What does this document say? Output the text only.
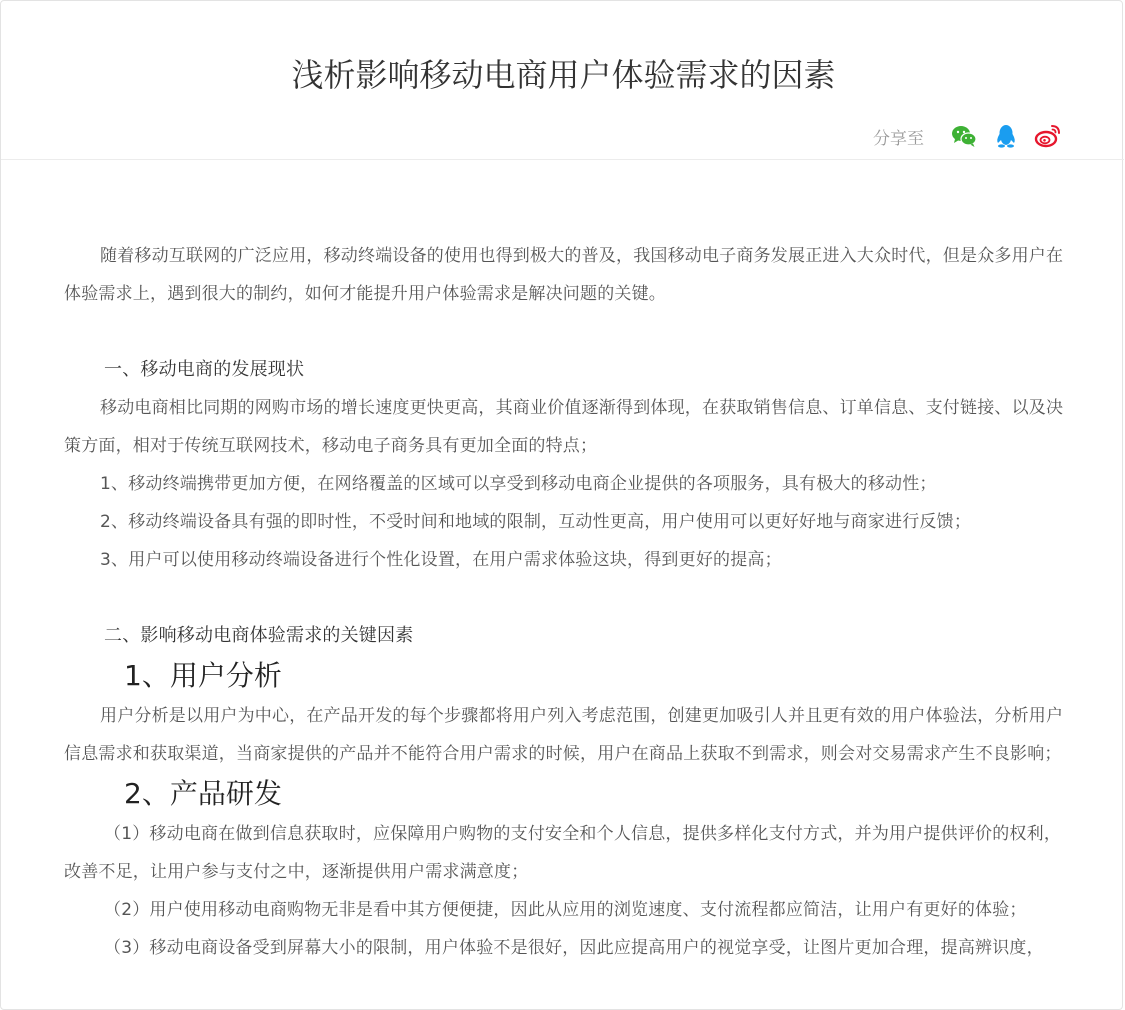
浅析影响移动电商用户体验需求的因素
分享至

随着移动互联网的广泛应用，移动终端设备的使用也得到极大的普及，我国移动电子商务发展正进入大众时代，但是众多用户在体验需求上，遇到很大的制约，如何才能提升用户体验需求是解决问题的关键。

一、移动电商的发展现状

移动电商相比同期的网购市场的增长速度更快更高，其商业价值逐渐得到体现，在获取销售信息、订单信息、支付链接、以及决策方面，相对于传统互联网技术，移动电子商务具有更加全面的特点；

1、移动终端携带更加方便，在网络覆盖的区域可以享受到移动电商企业提供的各项服务，具有极大的移动性；

2、移动终端设备具有强的即时性，不受时间和地域的限制，互动性更高，用户使用可以更好好地与商家进行反馈；

3、用户可以使用移动终端设备进行个性化设置，在用户需求体验这块，得到更好的提高；

二、影响移动电商体验需求的关键因素

1、用户分析

用户分析是以用户为中心，在产品开发的每个步骤都将用户列入考虑范围，创建更加吸引人并且更有效的用户体验法，分析用户信息需求和获取渠道，当商家提供的产品并不能符合用户需求的时候，用户在商品上获取不到需求，则会对交易需求产生不良影响；

2、产品研发

（1）移动电商在做到信息获取时，应保障用户购物的支付安全和个人信息，提供多样化支付方式，并为用户提供评价的权利，改善不足，让用户参与支付之中，逐渐提供用户需求满意度；

（2）用户使用移动电商购物无非是看中其方便便捷，因此从应用的浏览速度、支付流程都应简洁，让用户有更好的体验；

（3）移动电商设备受到屏幕大小的限制，用户体验不是很好，因此应提高用户的视觉享受，让图片更加合理，提高辨识度，
